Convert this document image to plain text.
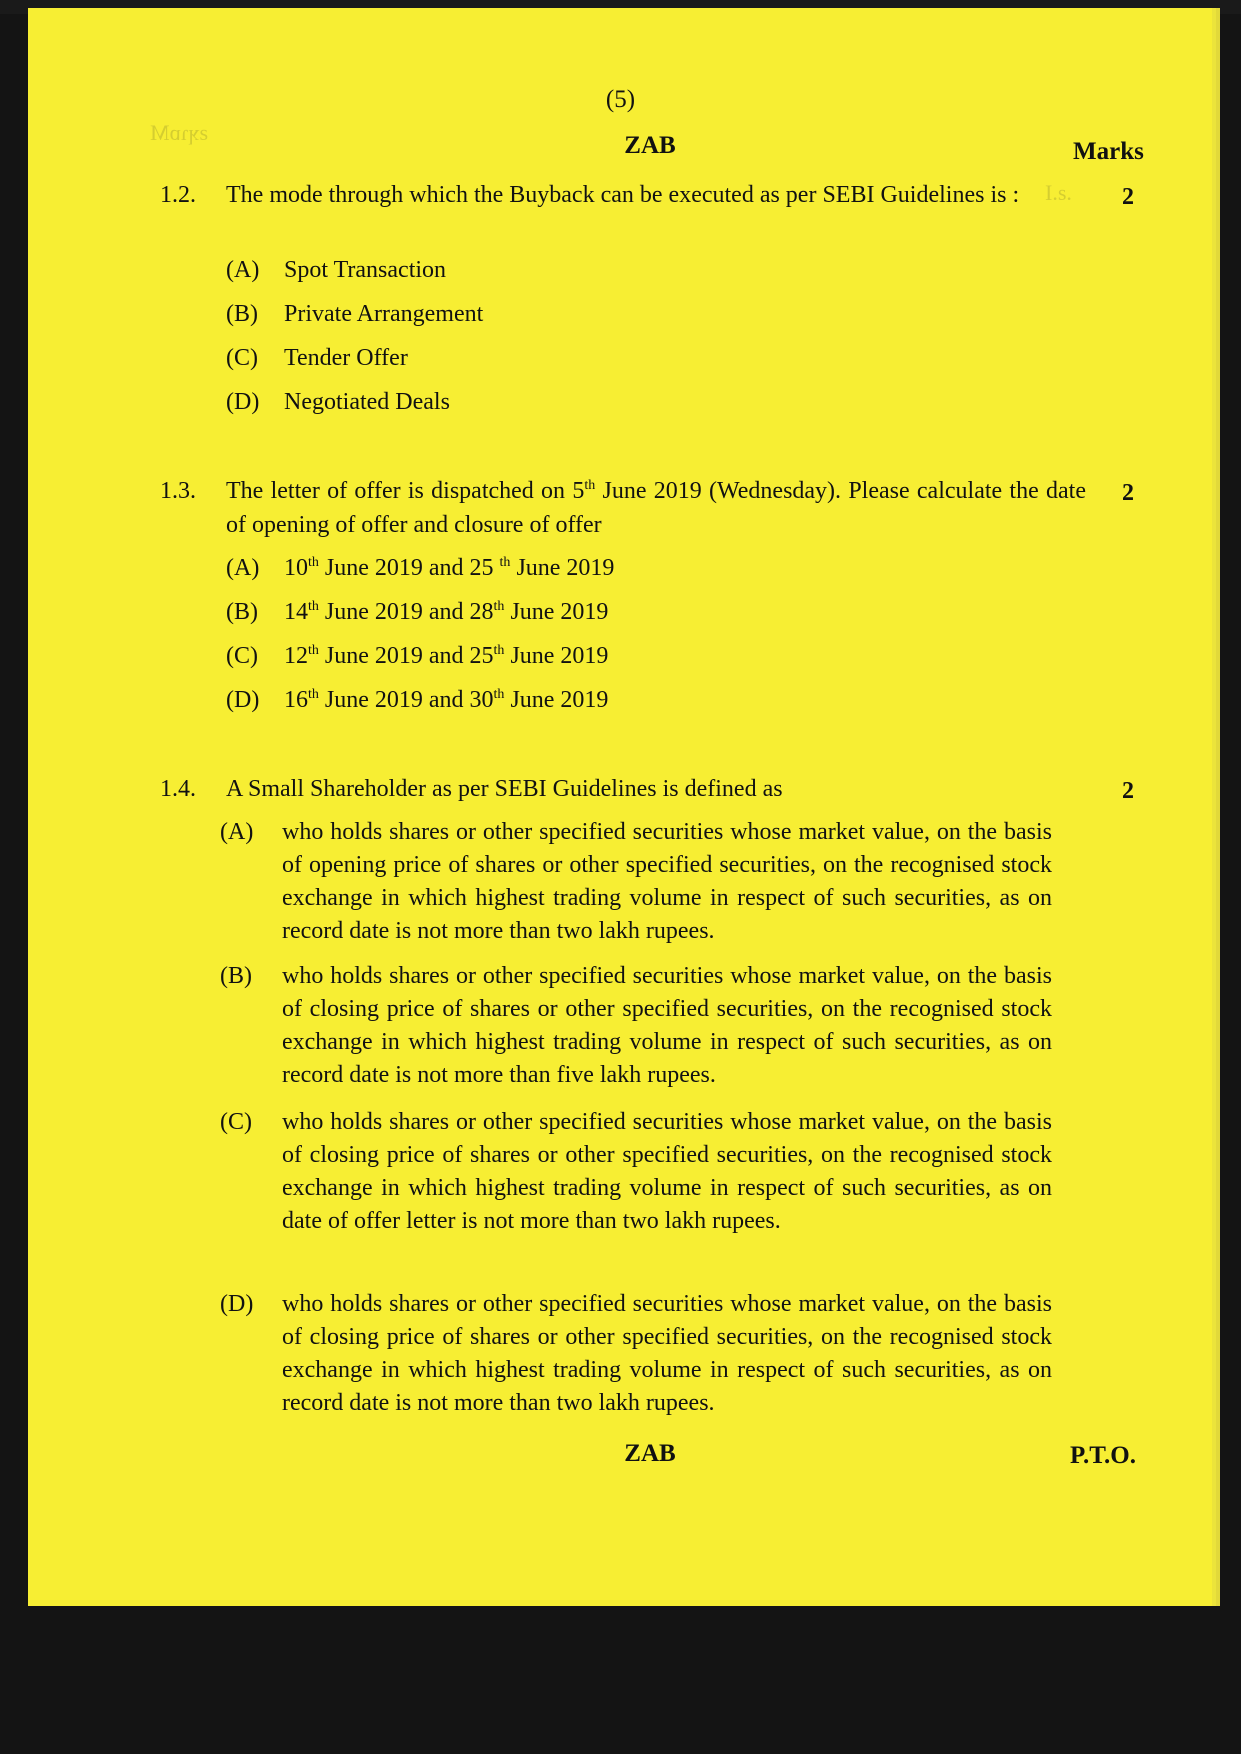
ƨʞɿɒM
.ƨ.I
(5)
ZAB	Marks
1.2. The mode through which the Buyback can be executed as per SEBI Guidelines is :	2
(A) Spot Transaction
(B) Private Arrangement
(C) Tender Offer
(D) Negotiated Deals
1.3. The letter of offer is dispatched on 5th June 2019 (Wednesday). Please calculate the date of opening of offer and closure of offer
2
(A) 10th June 2019 and 25 $^{th}$ June 2019
(B) 14th June 2019 and 28th June 2019
(C) 12th June 2019 and 25th June 2019
(D) 16th June 2019 and 30th June 2019
1.4. A Small Shareholder as per SEBI Guidelines is defined as	2
(A) who holds shares or other specified securities whose market value, on the basis of opening price of shares or other specified securities, on the recognised stock exchange in which highest trading volume in respect of such securities, as on record date is not more than two lakh rupees.
(B) who holds shares or other specified securities whose market value, on the basis of closing price of shares or other specified securities, on the recognised stock exchange in which highest trading volume in respect of such securities, as on record date is not more than five lakh rupees.
(C) who holds shares or other specified securities whose market value, on the basis of closing price of shares or other specified securities, on the recognised stock exchange in which highest trading volume in respect of such securities, as on date of offer letter is not more than two lakh rupees.
(D) who holds shares or other specified securities whose market value, on the basis of closing price of shares or other specified securities, on the recognised stock exchange in which highest trading volume in respect of such securities, as on record date is not more than two lakh rupees.
ZAB	P.T.O.
